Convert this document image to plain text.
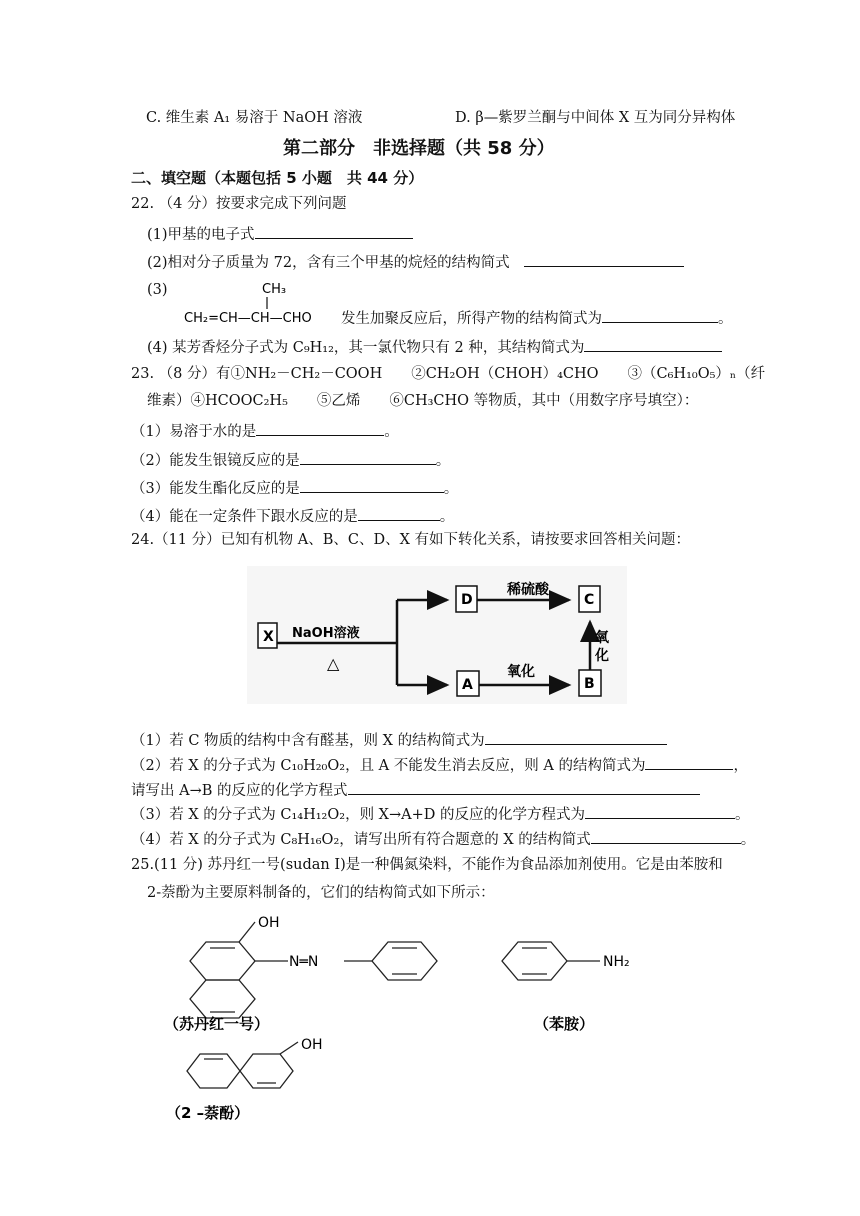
C. 维生素 A₁ 易溶于 NaOH 溶液	D. β—紫罗兰酮与中间体 X 互为同分异构体
第二部分　非选择题（共 58 分）
二、填空题（本题包括 5 小题　共 44 分）
22. （4 分）按要求完成下列问题
(1)甲基的电子式
(2)相对分子质量为 72，含有三个甲基的烷烃的结构简式
(3)	CH₃
CH₂=CH—CH—CHO 发生加聚反应后，所得产物的结构简式为	。
(4) 某芳香烃分子式为 C₉H₁₂，其一氯代物只有 2 种，其结构简式为
23. （8 分）有①NH₂－CH₂－COOH　　②CH₂OH（CHOH）₄CHO　　③（C₆H₁₀O₅）ₙ（纤
维素）④HCOOC₂H₅　　⑤乙烯　　⑥CH₃CHO 等物质，其中（用数字序号填空）：
（1）易溶于水的是	。
（2）能发生银镜反应的是	。
（3）能发生酯化反应的是	。
（4）能在一定条件下跟水反应的是	。
24.（11 分）已知有机物 A、B、C、D、X 有如下转化关系，请按要求回答相关问题：
X NaOH溶液
△
D
稀硫酸
C
A
氧化
B
氧
化
（1）若 C 物质的结构中含有醛基，则 X 的结构简式为
（2）若 X 的分子式为 C₁₀H₂₀O₂，且 A 不能发生消去反应，则 A 的结构简式为	，
请写出 A→B 的反应的化学方程式
（3）若 X 的分子式为 C₁₄H₁₂O₂，则 X→A+D 的反应的化学方程式为	。
（4）若 X 的分子式为 C₈H₁₆O₂，请写出所有符合题意的 X 的结构简式	。
25.(11 分) 苏丹红一号(sudan Ⅰ)是一种偶氮染料，不能作为食品添加剂使用。它是由苯胺和
2-萘酚为主要原料制备的，它们的结构简式如下所示：
OH
N═N	NH₂
OH
（苏丹红一号）	（苯胺）
（2 –萘酚）
